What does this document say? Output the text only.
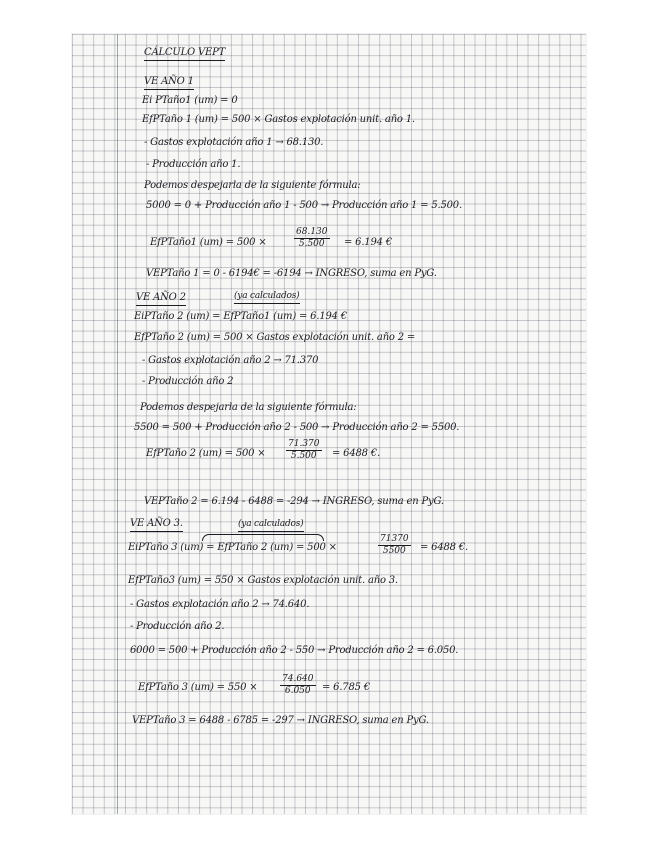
CÁLCULO VEPT
VE AÑO 1
Ei PTaño1 (um) = 0
EfPTaño 1 (um) = 500 × Gastos explotación unit. año 1.
- Gastos explotación año 1 → 68.130.
- Producción año 1.
Podemos despejarla de la siguiente fórmula:
5000 = 0 + Producción año 1 - 500 → Producción año 1 = 5.500.
EfPTaño1 (um) = 500 ×	$\frac{68.130}{5.500} = 6.194$ €
VEPTaño 1 = 0 - 6194€ = -6194 → INGRESO, suma en PyG.
VE AÑO 2	(ya calculados)
EiPTaño 2 (um) = EfPTaño1 (um) = 6.194 €
EfPTaño 2 (um) = 500 × Gastos explotación unit. año 2 =
- Gastos explotación año 2 → 71.370
- Producción año 2
Podemos despejarla de la siguiente fórmula:
5500 = 500 + Producción año 2 - 500 → Producción año 2 = 5500.
EfPTaño 2 $(um) = 500 \times \frac{71.370}{5.500} = 6488$ €.
VEPTaño 2 = 6.194 - 6488 = -294 → INGRESO, suma en PyG.
VE AÑO 3.	(ya calculados)
EiPTaño 3 (um) = EfPTaño 2 (um) = 500 ×	$\frac{71370}{5500} = 6488$ €.
EfPTaño3 (um) = 550 × Gastos explotación unit. año 3.
- Gastos explotación año 2 → 74.640.
- Producción año 2.
6000 = 500 + Producción año 2 - 550 → Producción año 2 = 6.050.
EfPTaño 3 (um) = 550 ×	$\frac{74.640}{6.050} = 6.785$ €
VEPTaño 3 = 6488 - 6785 = -297 → INGRESO, suma en PyG.
